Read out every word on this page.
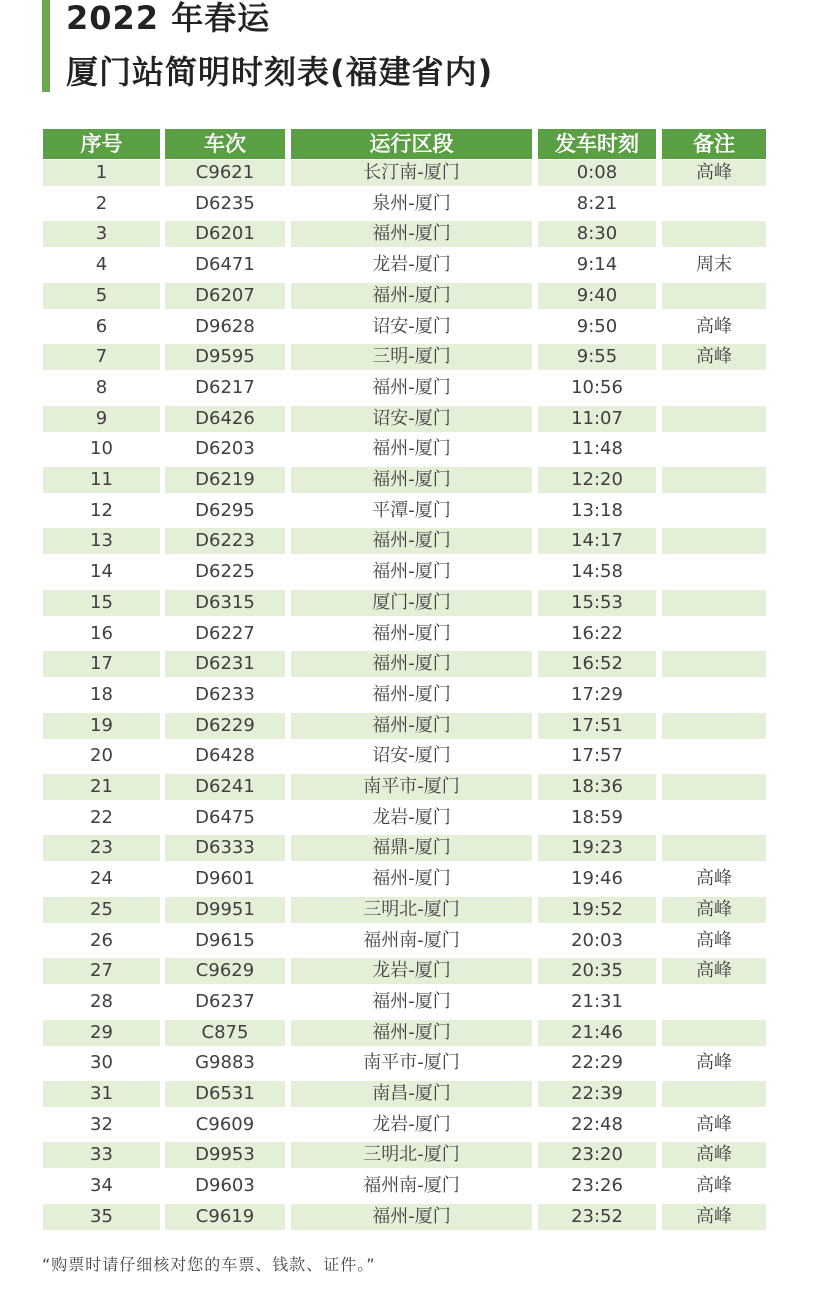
2022 年春运
厦门站简明时刻表(福建省内)
序号	车次	运行区段	发车时刻	备注
1	C9621	长汀南-厦门	0:08	高峰
2	D6235	泉州-厦门	8:21
3	D6201	福州-厦门	8:30
4	D6471	龙岩-厦门	9:14	周末
5	D6207	福州-厦门	9:40
6	D9628	诏安-厦门	9:50	高峰
7	D9595	三明-厦门	9:55	高峰
8	D6217	福州-厦门	10:56
9	D6426	诏安-厦门	11:07
10	D6203	福州-厦门	11:48
11	D6219	福州-厦门	12:20
12	D6295	平潭-厦门	13:18
13	D6223	福州-厦门	14:17
14	D6225	福州-厦门	14:58
15	D6315	厦门-厦门	15:53
16	D6227	福州-厦门	16:22
17	D6231	福州-厦门	16:52
18	D6233	福州-厦门	17:29
19	D6229	福州-厦门	17:51
20	D6428	诏安-厦门	17:57
21	D6241	南平市-厦门	18:36
22	D6475	龙岩-厦门	18:59
23	D6333	福鼎-厦门	19:23
24	D9601	福州-厦门	19:46	高峰
25	D9951	三明北-厦门	19:52	高峰
26	D9615	福州南-厦门	20:03	高峰
27	C9629	龙岩-厦门	20:35	高峰
28	D6237	福州-厦门	21:31
29	C875	福州-厦门	21:46
30	G9883	南平市-厦门	22:29	高峰
31	D6531	南昌-厦门	22:39
32	C9609	龙岩-厦门	22:48	高峰
33	D9953	三明北-厦门	23:20	高峰
34	D9603	福州南-厦门	23:26	高峰
35	C9619	福州-厦门	23:52	高峰
“购票时请仔细核对您的车票、钱款、证件。”
